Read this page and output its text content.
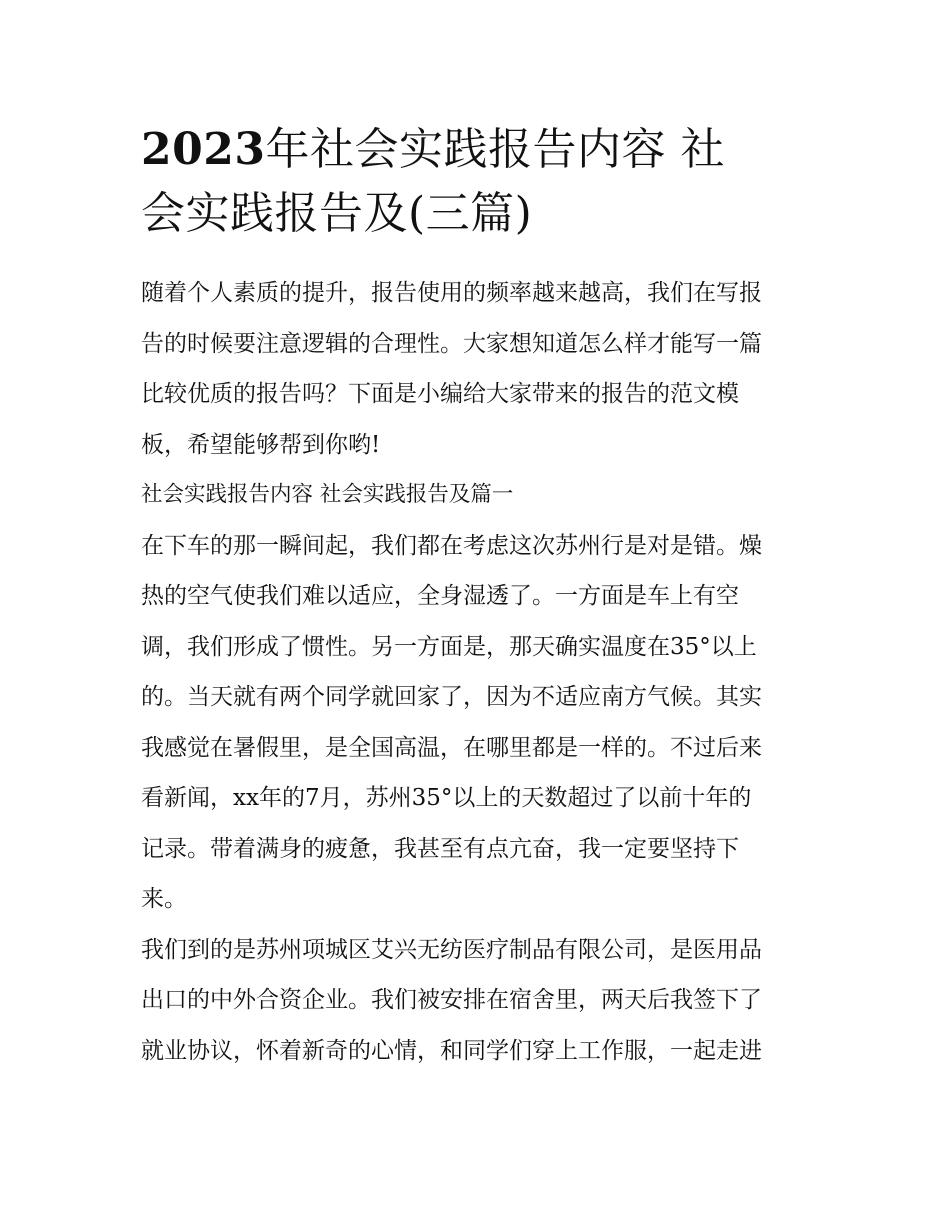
2023年社会实践报告内容 社
会实践报告及(三篇)
随着个人素质的提升，报告使用的频率越来越高，我们在写报
告的时候要注意逻辑的合理性。大家想知道怎么样才能写一篇
比较优质的报告吗？下面是小编给大家带来的报告的范文模
板，希望能够帮到你哟!
社会实践报告内容 社会实践报告及篇一
在下车的那一瞬间起，我们都在考虑这次苏州行是对是错。燥
热的空气使我们难以适应，全身湿透了。一方面是车上有空
调，我们形成了惯性。另一方面是，那天确实温度在35°以上
的。当天就有两个同学就回家了，因为不适应南方气候。其实
我感觉在暑假里，是全国高温，在哪里都是一样的。不过后来
看新闻，xx年的7月，苏州35°以上的天数超过了以前十年的
记录。带着满身的疲惫，我甚至有点亢奋，我一定要坚持下
来。
我们到的是苏州项城区艾兴无纺医疗制品有限公司，是医用品
出口的中外合资企业。我们被安排在宿舍里，两天后我签下了
就业协议，怀着新奇的心情，和同学们穿上工作服，一起走进
